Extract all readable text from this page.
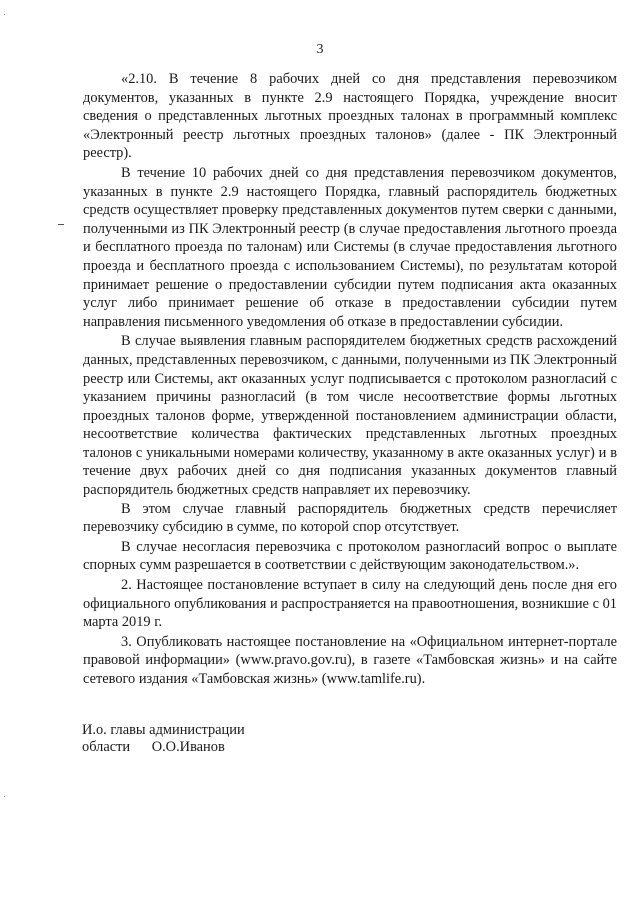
3

«2.10. В течение 8 рабочих дней со дня представления перевозчиком документов, указанных в пункте 2.9 настоящего Порядка, учреждение вносит сведения о представленных льготных проездных талонах в программный комплекс «Электронный реестр льготных проездных талонов» (далее - ПК Электронный реестр).

В течение 10 рабочих дней со дня представления перевозчиком документов, указанных в пункте 2.9 настоящего Порядка, главный распорядитель бюджетных средств осуществляет проверку представленных документов путем сверки с данными, полученными из ПК Электронный реестр (в случае предоставления льготного проезда и бесплатного проезда по талонам) или Системы (в случае предоставления льготного проезда и бесплатного проезда с использованием Системы), по результатам которой принимает решение о предоставлении субсидии путем подписания акта оказанных услуг либо принимает решение об отказе в предоставлении субсидии путем направления письменного уведомления об отказе в предоставлении субсидии.

В случае выявления главным распорядителем бюджетных средств расхождений данных, представленных перевозчиком, с данными, полученными из ПК Электронный реестр или Системы, акт оказанных услуг подписывается с протоколом разногласий с указанием причины разногласий (в том числе несоответствие формы льготных проездных талонов форме, утвержденной постановлением администрации области, несоответствие количества фактических представленных льготных проездных талонов с уникальными номерами количеству, указанному в акте оказанных услуг) и в течение двух рабочих дней со дня подписания указанных документов главный распорядитель бюджетных средств направляет их перевозчику.

В этом случае главный распорядитель бюджетных средств перечисляет перевозчику субсидию в сумме, по которой спор отсутствует.

В случае несогласия перевозчика с протоколом разногласий вопрос о выплате спорных сумм разрешается в соответствии с действующим законодательством.».

2. Настоящее постановление вступает в силу на следующий день после дня его официального опубликования и распространяется на правоотношения, возникшие с 01 марта 2019 г.

3. Опубликовать настоящее постановление на «Официальном интернет-портале правовой информации» (www.pravo.gov.ru), в газете «Тамбовская жизнь» и на сайте сетевого издания «Тамбовская жизнь» (www.tamlife.ru).

И.о. главы администрации
области      О.О.Иванов
